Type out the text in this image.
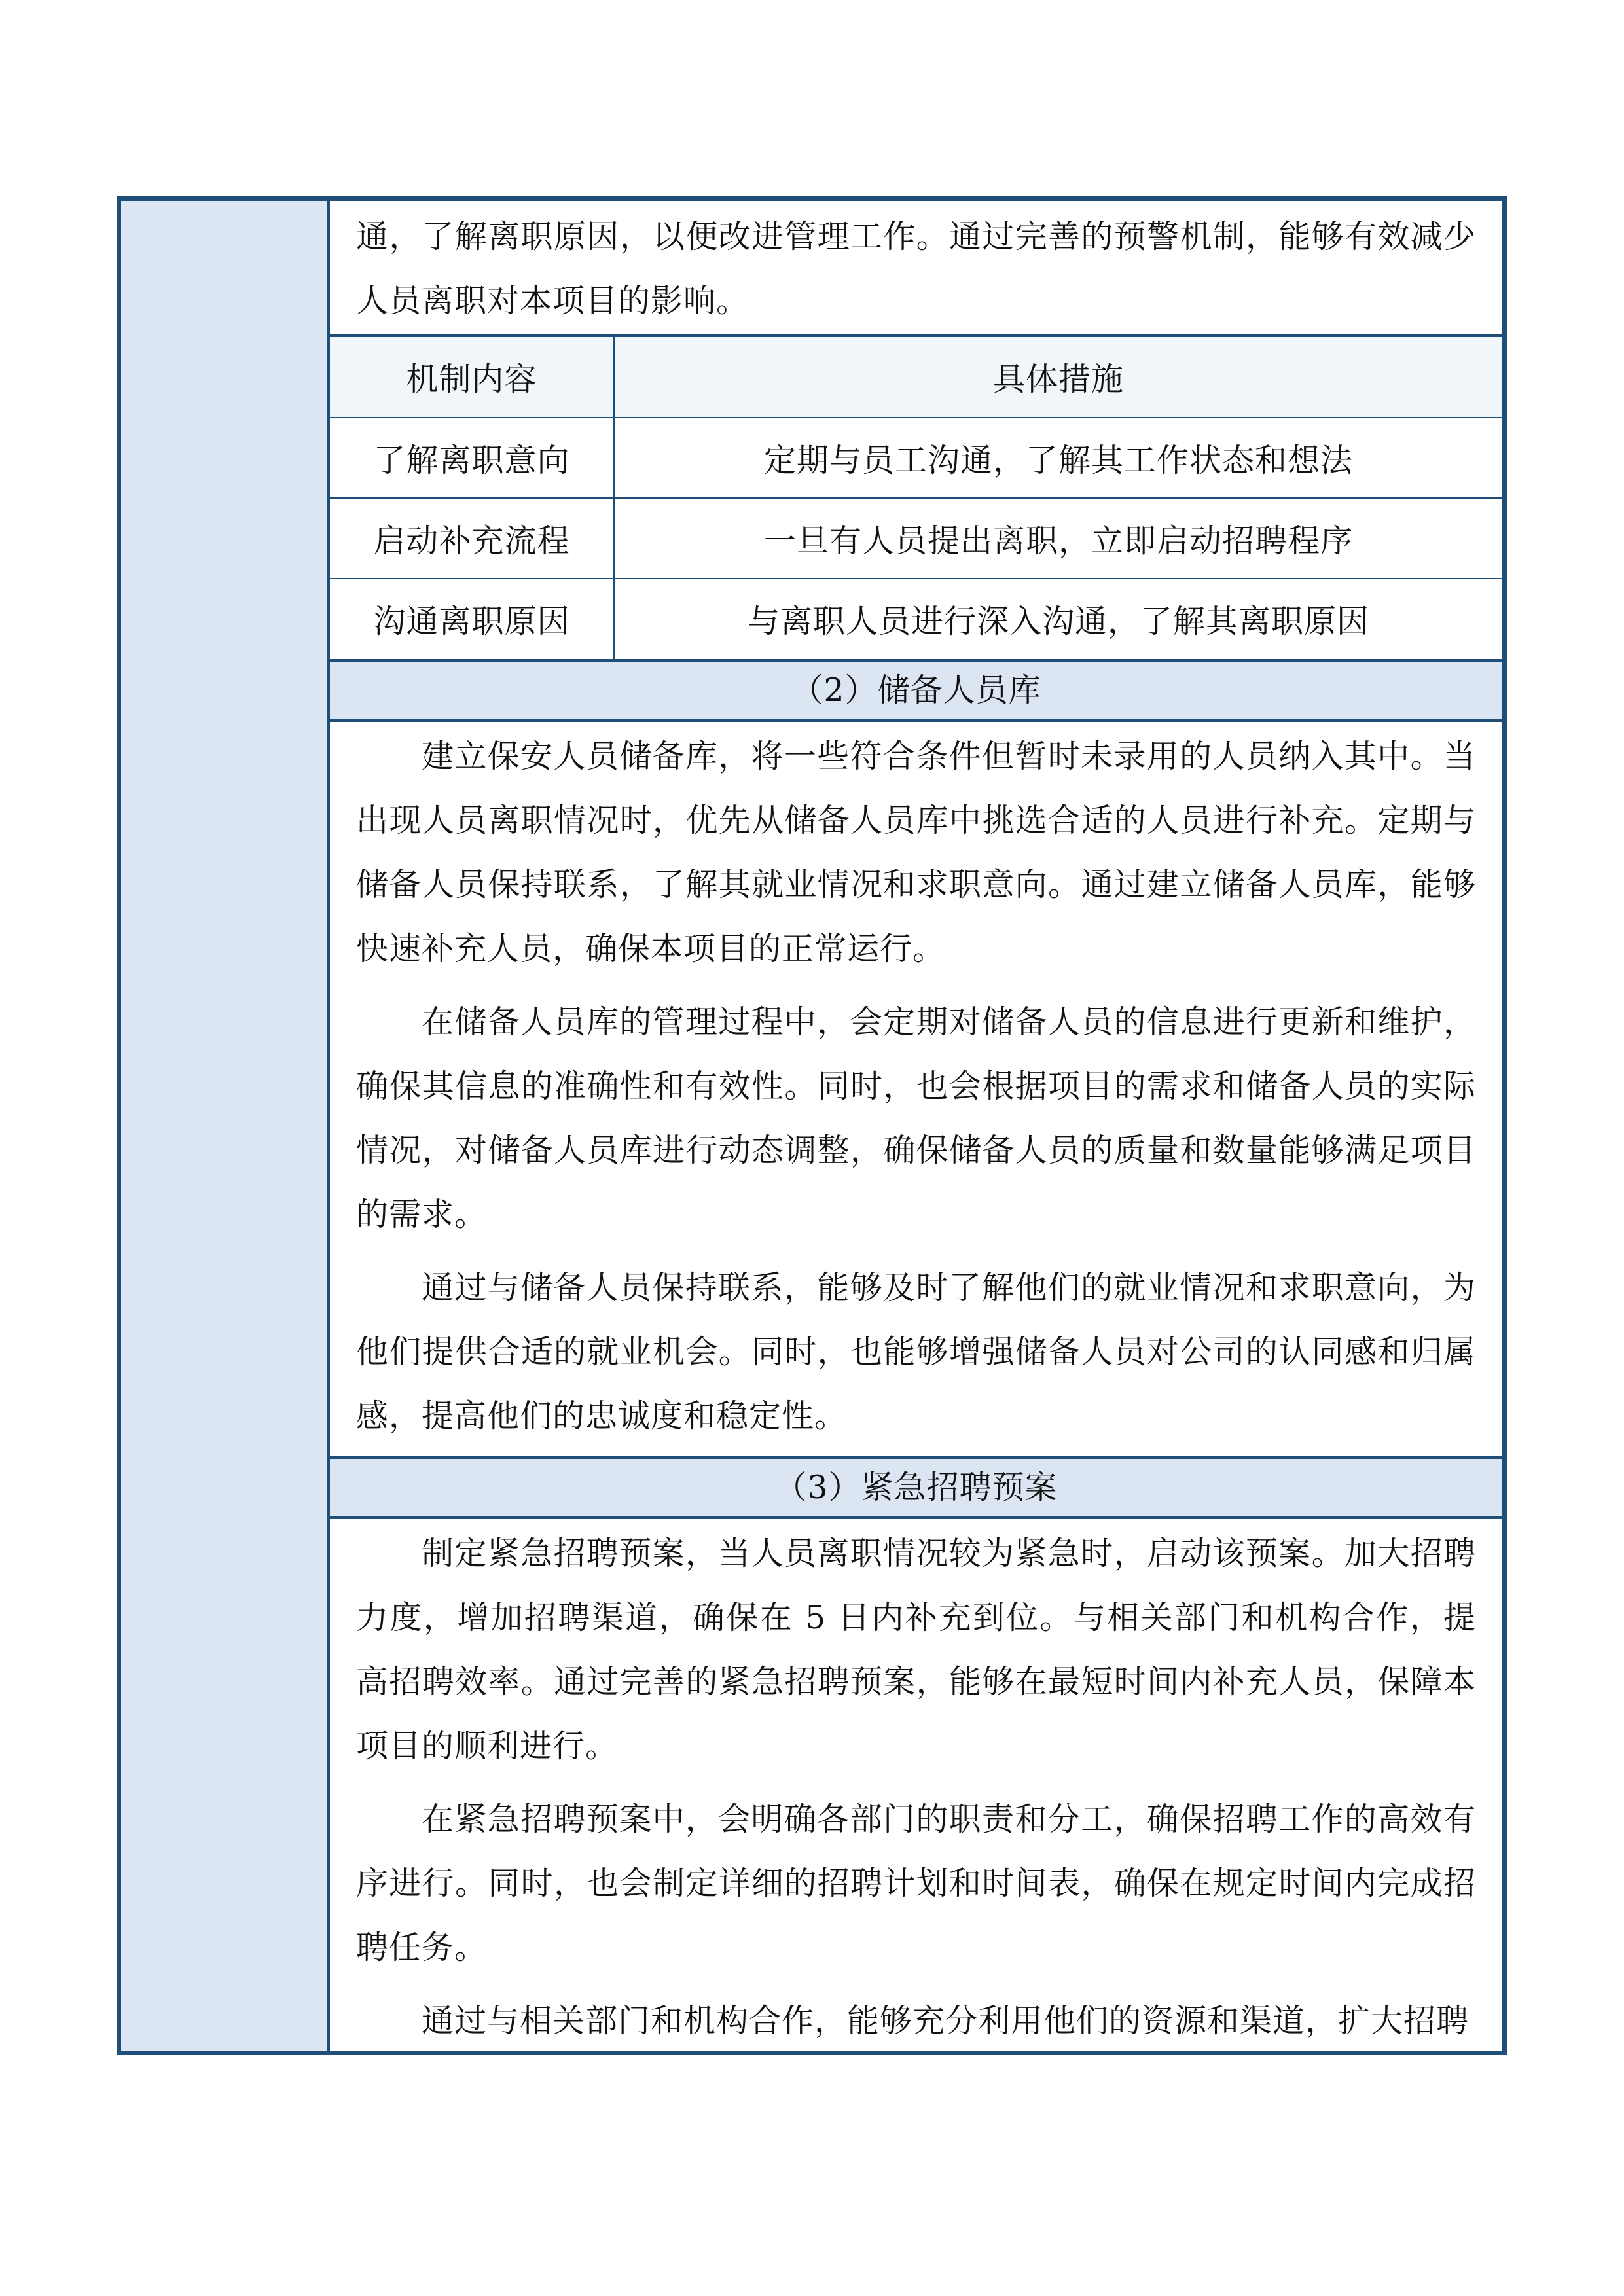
通，了解离职原因，以便改进管理工作。通过完善的预警机制，能够有效减少人员离职对本项目的影响。

机制内容	具体措施
了解离职意向	定期与员工沟通，了解其工作状态和想法
启动补充流程	一旦有人员提出离职，立即启动招聘程序
沟通离职原因	与离职人员进行深入沟通，了解其离职原因
（2）储备人员库

建立保安人员储备库，将一些符合条件但暂时未录用的人员纳入其中。当出现人员离职情况时，优先从储备人员库中挑选合适的人员进行补充。定期与储备人员保持联系，了解其就业情况和求职意向。通过建立储备人员库，能够快速补充人员，确保本项目的正常运行。

在储备人员库的管理过程中，会定期对储备人员的信息进行更新和维护，确保其信息的准确性和有效性。同时，也会根据项目的需求和储备人员的实际情况，对储备人员库进行动态调整，确保储备人员的质量和数量能够满足项目的需求。

通过与储备人员保持联系，能够及时了解他们的就业情况和求职意向，为他们提供合适的就业机会。同时，也能够增强储备人员对公司的认同感和归属感，提高他们的忠诚度和稳定性。

（3）紧急招聘预案

制定紧急招聘预案，当人员离职情况较为紧急时，启动该预案。加大招聘力度，增加招聘渠道，确保在 5 日内补充到位。与相关部门和机构合作，提高招聘效率。通过完善的紧急招聘预案，能够在最短时间内补充人员，保障本项目的顺利进行。

在紧急招聘预案中，会明确各部门的职责和分工，确保招聘工作的高效有序进行。同时，也会制定详细的招聘计划和时间表，确保在规定时间内完成招聘任务。

通过与相关部门和机构合作，能够充分利用他们的资源和渠道，扩大招聘
